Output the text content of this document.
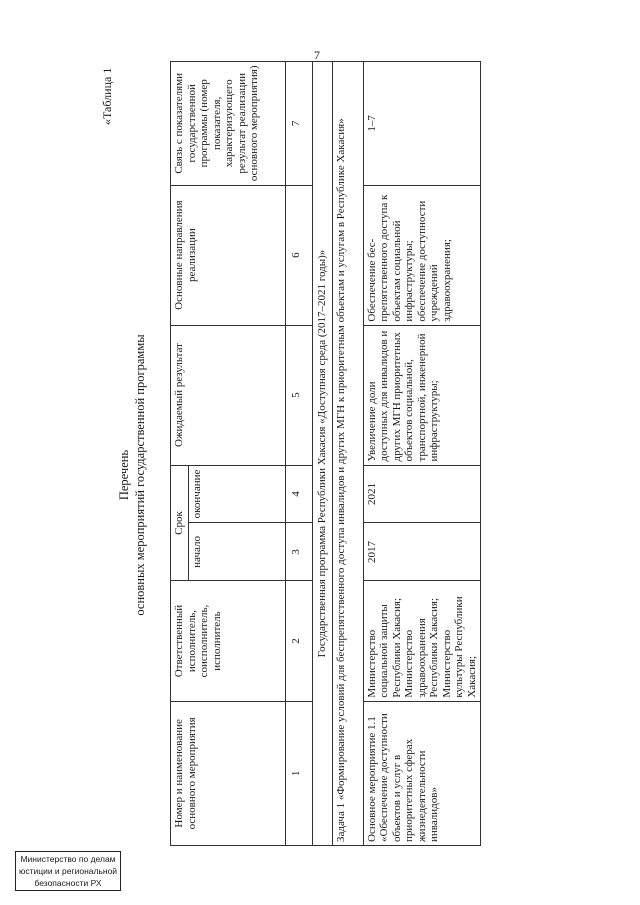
7
Министерство по делам
юстиции и региональной
безопасности РХ
«Таблица 1
Перечень основных мероприятий государственной программы
Номер и наименование основного мероприятия	Ответственный исполнитель, соисполнитель, исполнитель	Срок		Ожидаемый результат	Основные направления реализации	Связь с показателями государственной программы (номер показателя, характеризующего результат реализации основного мероприятия)
		начало	окончание			
1	2	3	4	5	6	7
Государственная программа Республики Хакасия «Доступная среда (2017–2021 годы)»						
Задача 1 «Формирование условий для беспрепятственного доступа инвалидов и других МГН к приоритетным объектам и услугам в Республике Хакасия»						
Основное мероприятие 1.1 «Обеспечение доступности объектов и услуг в приоритетных сферах жизнедеятельности инвалидов»	Министерство социальной защиты Республики Хакасия; Министерство здравоохранения Республики Хакасия; Министерство культуры Республики Хакасия;	2017	2021	Увеличение доли доступных для инвалидов и других МГН приоритетных объектов социальной, транспортной, инженерной инфраструктуры;	Обеспечение бес-препятственного доступа к объектам социальной инфраструктуры; обеспечение доступности учреждений здравоохранения;	1–7
